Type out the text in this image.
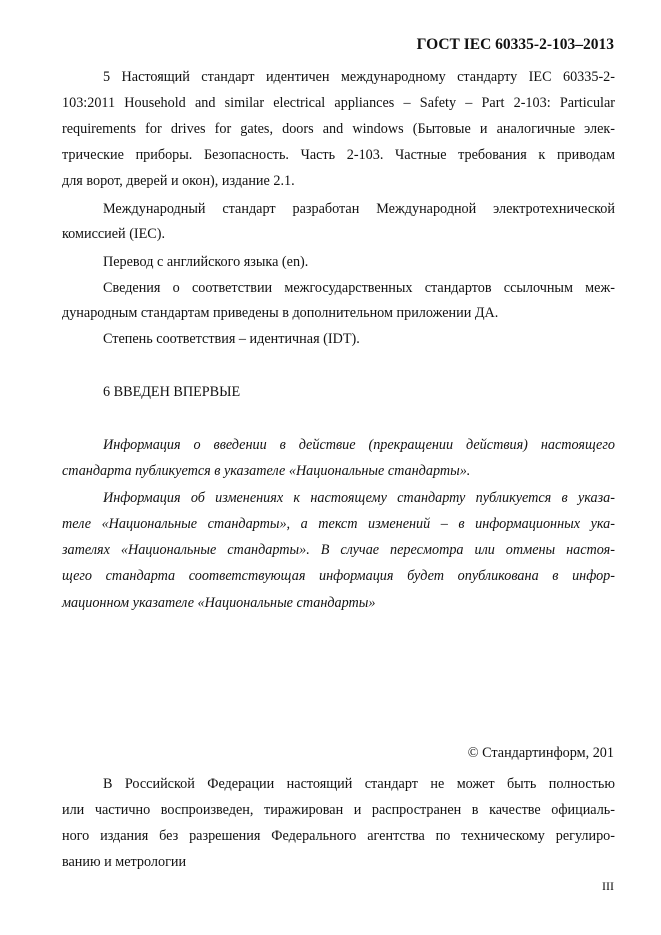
ГОСТ IEC 60335-2-103–2013
5 Настоящий стандарт идентичен международному стандарту IEC 60335-2-
103:2011 Household and similar electrical appliances – Safety – Part 2-103: Particular
requirements for drives for gates, doors and windows (Бытовые и аналогичные элек-
трические приборы. Безопасность. Часть 2-103. Частные требования к приводам
для ворот, дверей и окон), издание 2.1.
Международный стандарт разработан Международной электротехнической
комиссией (IEC).
Перевод с английского языка (en).
Сведения о соответствии межгосударственных стандартов ссылочным меж-
дународным стандартам приведены в дополнительном приложении ДА.
Степень соответствия – идентичная (IDT).
6 ВВЕДЕН ВПЕРВЫЕ
Информация о введении в действие (прекращении действия) настоящего
стандарта публикуется в указателе «Национальные стандарты».
Информация об изменениях к настоящему стандарту публикуется в указа-
теле «Национальные стандарты», а текст изменений – в информационных ука-
зателях «Национальные стандарты». В случае пересмотра или отмены настоя-
щего стандарта соответствующая информация будет опубликована в инфор-
мационном указателе «Национальные стандарты»
© Стандартинформ, 201
В Российской Федерации настоящий стандарт не может быть полностью
или частично воспроизведен, тиражирован и распространен в качестве официаль-
ного издания без разрешения Федерального агентства по техническому регулиро-
ванию и метрологии
III
